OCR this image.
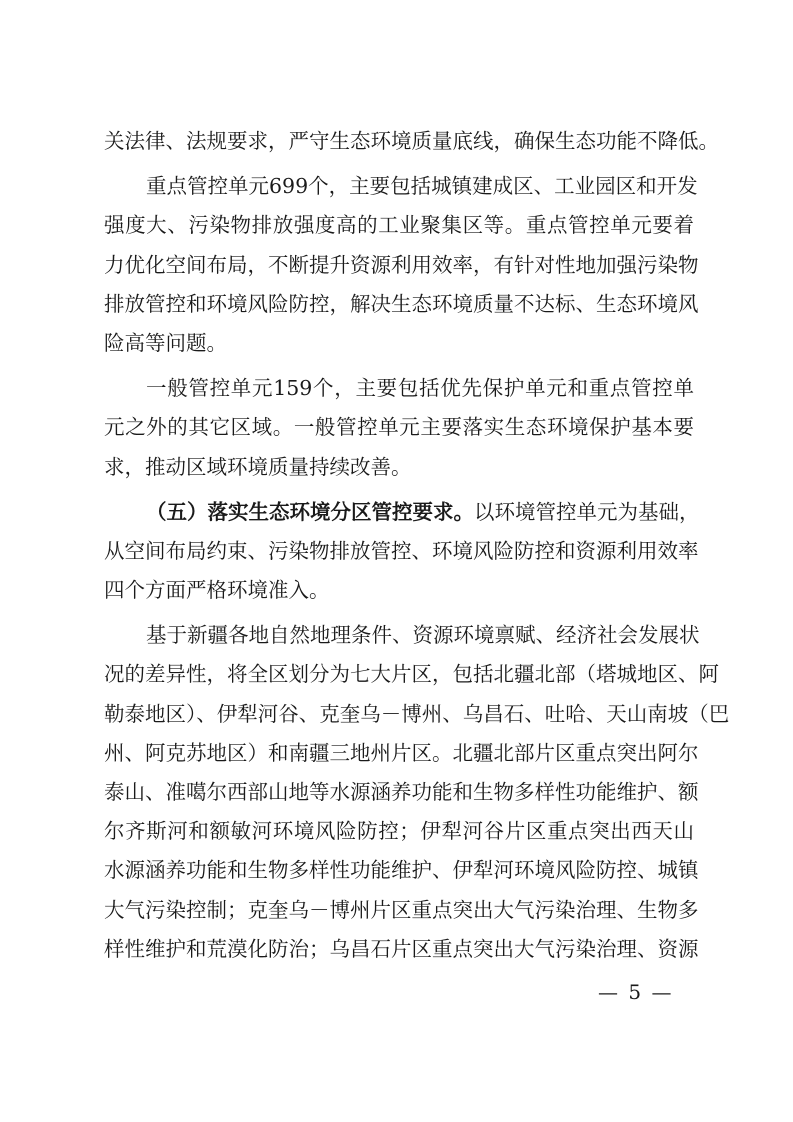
关法律、法规要求，严守生态环境质量底线，确保生态功能不降低。
重点管控单元699个，主要包括城镇建成区、工业园区和开发
强度大、污染物排放强度高的工业聚集区等。重点管控单元要着
力优化空间布局，不断提升资源利用效率，有针对性地加强污染物
排放管控和环境风险防控，解决生态环境质量不达标、生态环境风
险高等问题。
一般管控单元159个，主要包括优先保护单元和重点管控单
元之外的其它区域。一般管控单元主要落实生态环境保护基本要
求，推动区域环境质量持续改善。
（五）落实生态环境分区管控要求。以环境管控单元为基础，
从空间布局约束、污染物排放管控、环境风险防控和资源利用效率
四个方面严格环境准入。
基于新疆各地自然地理条件、资源环境禀赋、经济社会发展状
况的差异性，将全区划分为七大片区，包括北疆北部（塔城地区、阿
勒泰地区）、伊犁河谷、克奎乌－博州、乌昌石、吐哈、天山南坡（巴
州、阿克苏地区）和南疆三地州片区。北疆北部片区重点突出阿尔
泰山、准噶尔西部山地等水源涵养功能和生物多样性功能维护、额
尔齐斯河和额敏河环境风险防控；伊犁河谷片区重点突出西天山
水源涵养功能和生物多样性功能维护、伊犁河环境风险防控、城镇
大气污染控制；克奎乌－博州片区重点突出大气污染治理、生物多
样性维护和荒漠化防治；乌昌石片区重点突出大气污染治理、资源
— 5 —
